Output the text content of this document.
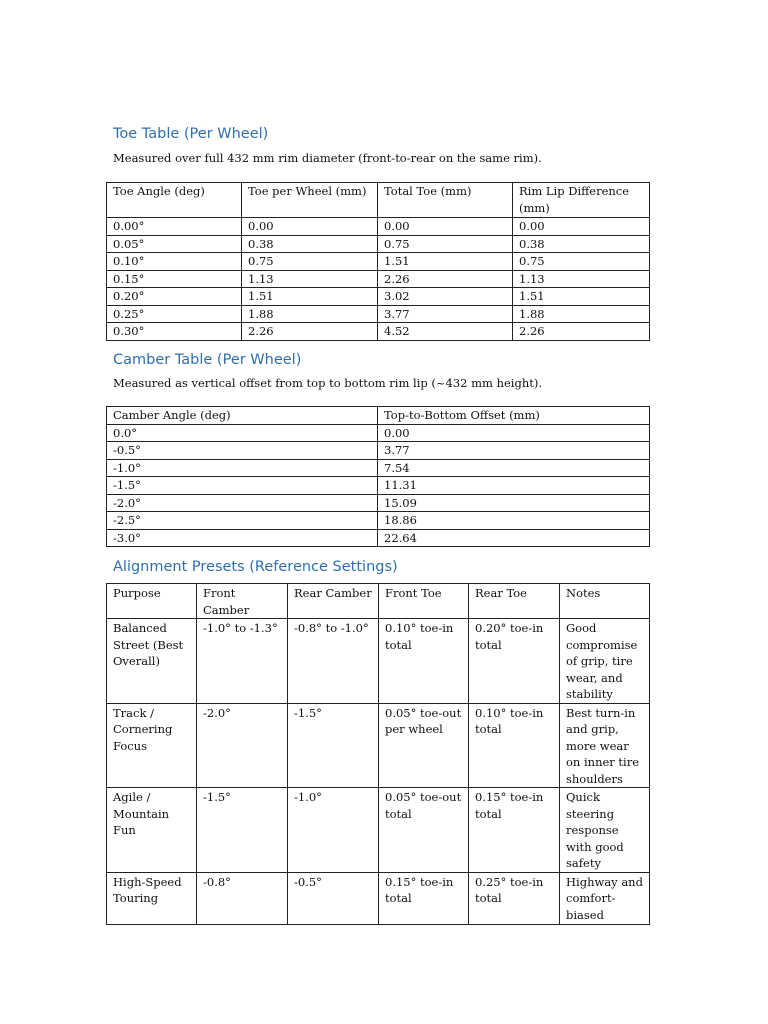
Toe Table (Per Wheel)

Measured over full 432 mm rim diameter (front-to-rear on the same rim).

Toe Angle (deg)	Toe per Wheel (mm)	Total Toe (mm)	Rim Lip Difference (mm)
0.00°	0.00	0.00	0.00
0.05°	0.38	0.75	0.38
0.10°	0.75	1.51	0.75
0.15°	1.13	2.26	1.13
0.20°	1.51	3.02	1.51
0.25°	1.88	3.77	1.88
0.30°	2.26	4.52	2.26
Camber Table (Per Wheel)

Measured as vertical offset from top to bottom rim lip (~432 mm height).

Camber Angle (deg)	Top-to-Bottom Offset (mm)
0.0°	0.00
-0.5°	3.77
-1.0°	7.54
-1.5°	11.31
-2.0°	15.09
-2.5°	18.86
-3.0°	22.64
Alignment Presets (Reference Settings)
Purpose	Front Camber	Rear Camber	Front Toe	Rear Toe	Notes
Balanced Street (Best Overall)	-1.0° to -1.3°	-0.8° to -1.0°	0.10° toe-in total	0.20° toe-in total	Good compromise of grip, tire wear, and stability
Track / Cornering Focus	-2.0°	-1.5°	0.05° toe-out per wheel	0.10° toe-in total	Best turn-in and grip, more wear on inner tire shoulders
Agile / Mountain Fun	-1.5°	-1.0°	0.05° toe-out total	0.15° toe-in total	Quick steering response with good safety
High-Speed Touring	-0.8°	-0.5°	0.15° toe-in total	0.25° toe-in total	Highway and comfort-biased
